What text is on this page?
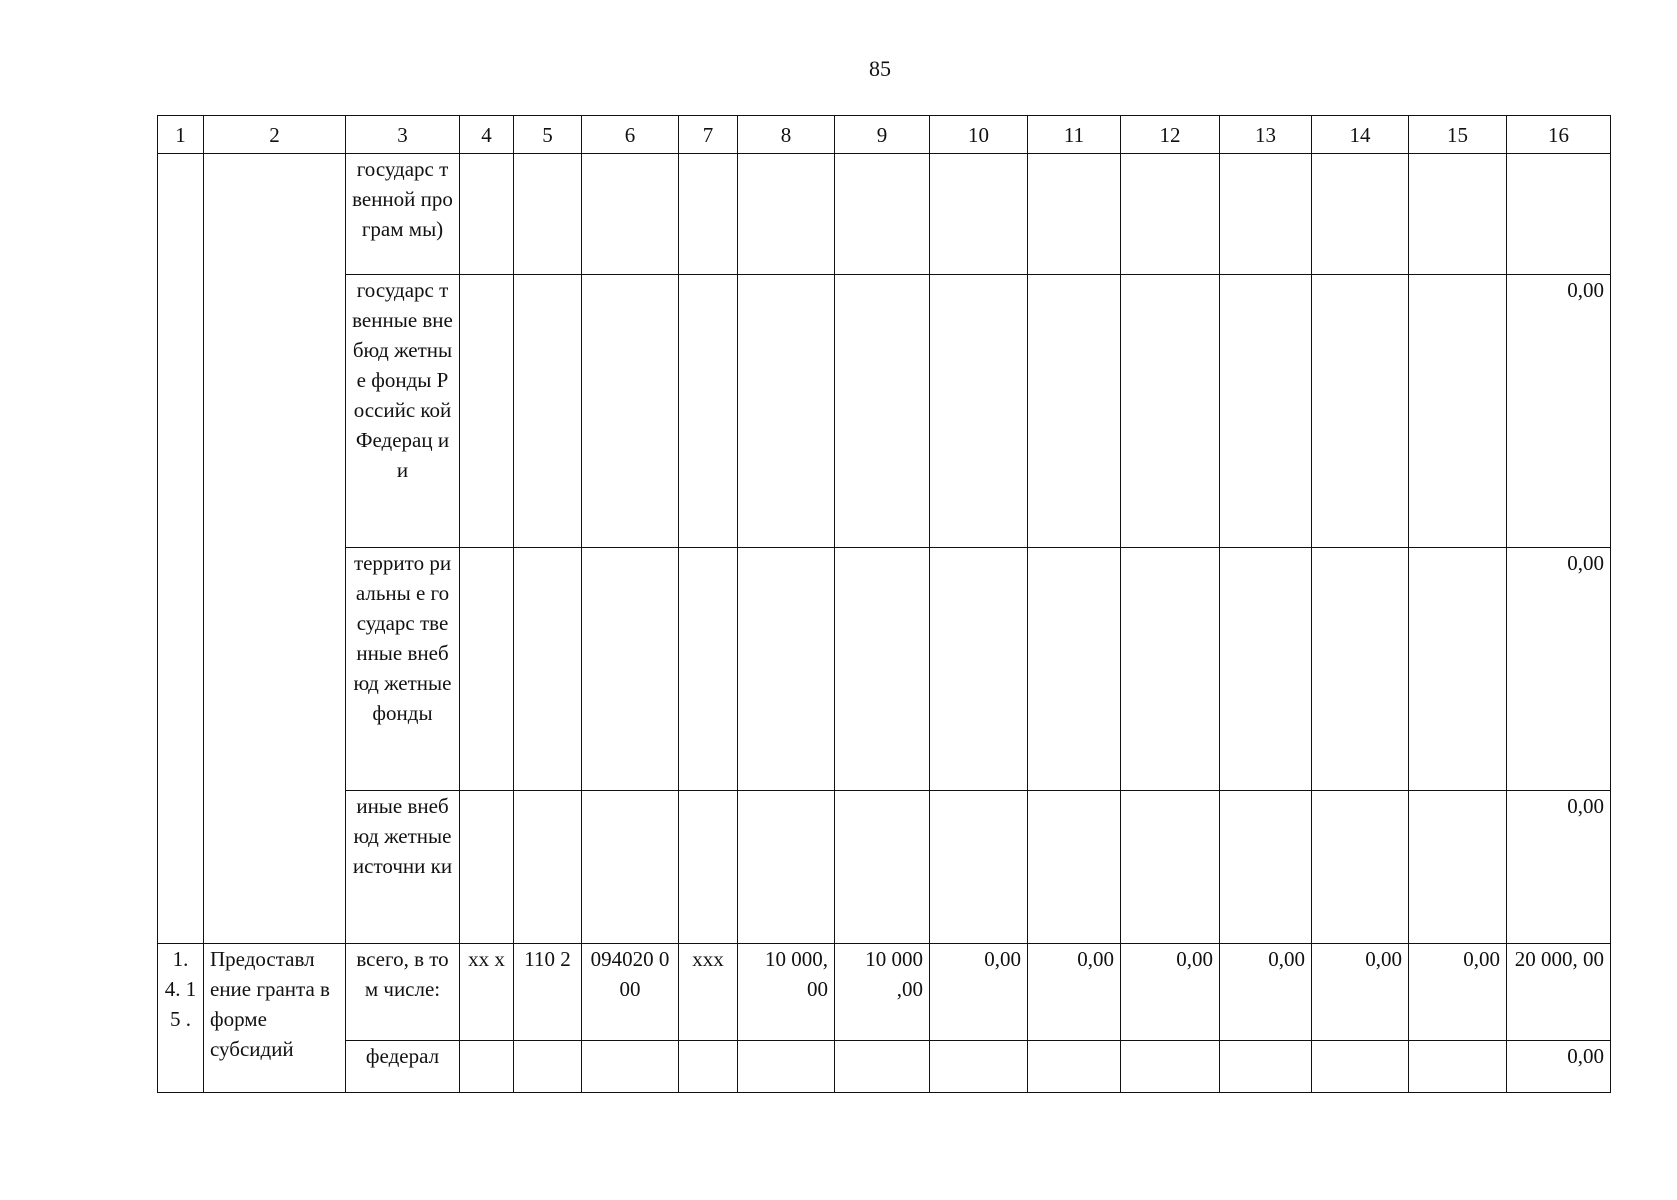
85
1	2	3	4	5	6	7	8	9	10	11	12	13	14	15	16
		государс твенной програм мы)													
		государс твенные внебюд жетные фонды Российс кой Федерац ии													0,00
		террито риальны е государс твенные внебюд жетные фонды													0,00
		иные внебюд жетные источни ки													0,00
1. 4. 15 .	Предоставл ение гранта в форме субсидий	всего, в том числе:	хх х	110 2	094020 000	ххх	10 000, 00	10 000 ,00	0,00	0,00	0,00	0,00	0,00	0,00	20 000, 00
		федерал													0,00
